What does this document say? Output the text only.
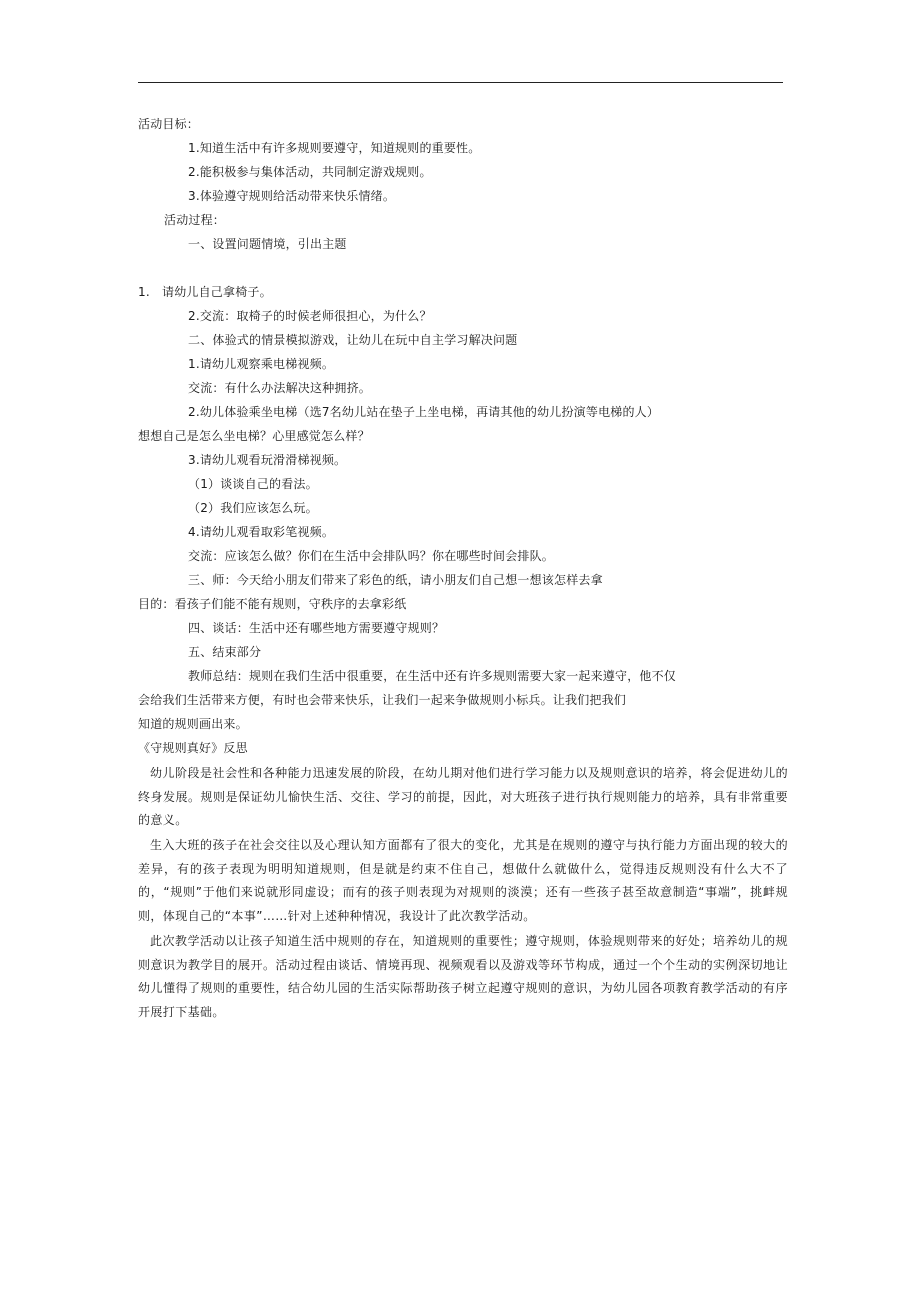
活动目标：
1.知道生活中有许多规则要遵守，知道规则的重要性。
2.能积极参与集体活动，共同制定游戏规则。
3.体验遵守规则给活动带来快乐情绪。
活动过程：
一、设置问题情境，引出主题
1. 请幼儿自己拿椅子。
2.交流：取椅子的时候老师很担心，为什么？
二、体验式的情景模拟游戏，让幼儿在玩中自主学习解决问题
1.请幼儿观察乘电梯视频。
交流：有什么办法解决这种拥挤。
2.幼儿体验乘坐电梯（选7名幼儿站在垫子上坐电梯，再请其他的幼儿扮演等电梯的人）
想想自己是怎么坐电梯？心里感觉怎么样？
3.请幼儿观看玩滑滑梯视频。
（1）谈谈自己的看法。
（2）我们应该怎么玩。
4.请幼儿观看取彩笔视频。
交流：应该怎么做？你们在生活中会排队吗？你在哪些时间会排队。
三、师：今天给小朋友们带来了彩色的纸，请小朋友们自己想一想该怎样去拿
目的：看孩子们能不能有规则，守秩序的去拿彩纸
四、谈话：生活中还有哪些地方需要遵守规则？
五、结束部分
教师总结：规则在我们生活中很重要，在生活中还有许多规则需要大家一起来遵守，他不仅
会给我们生活带来方便，有时也会带来快乐，让我们一起来争做规则小标兵。让我们把我们
知道的规则画出来。
《守规则真好》反思

幼儿阶段是社会性和各种能力迅速发展的阶段，在幼儿期对他们进行学习能力以及规则意识的培养，将会促进幼儿的终身发展。规则是保证幼儿愉快生活、交往、学习的前提，因此，对大班孩子进行执行规则能力的培养，具有非常重要的意义。

生入大班的孩子在社会交往以及心理认知方面都有了很大的变化，尤其是在规则的遵守与执行能力方面出现的较大的差异，有的孩子表现为明明知道规则，但是就是约束不住自己，想做什么就做什么，觉得违反规则没有什么大不了的，“规则”于他们来说就形同虚设；而有的孩子则表现为对规则的淡漠；还有一些孩子甚至故意制造“事端”，挑衅规则，体现自己的“本事”……针对上述种种情况，我设计了此次教学活动。

此次教学活动以让孩子知道生活中规则的存在，知道规则的重要性；遵守规则，体验规则带来的好处；培养幼儿的规则意识为教学目的展开。活动过程由谈话、情境再现、视频观看以及游戏等环节构成，通过一个个生动的实例深切地让幼儿懂得了规则的重要性，结合幼儿园的生活实际帮助孩子树立起遵守规则的意识，为幼儿园各项教育教学活动的有序开展打下基础。
